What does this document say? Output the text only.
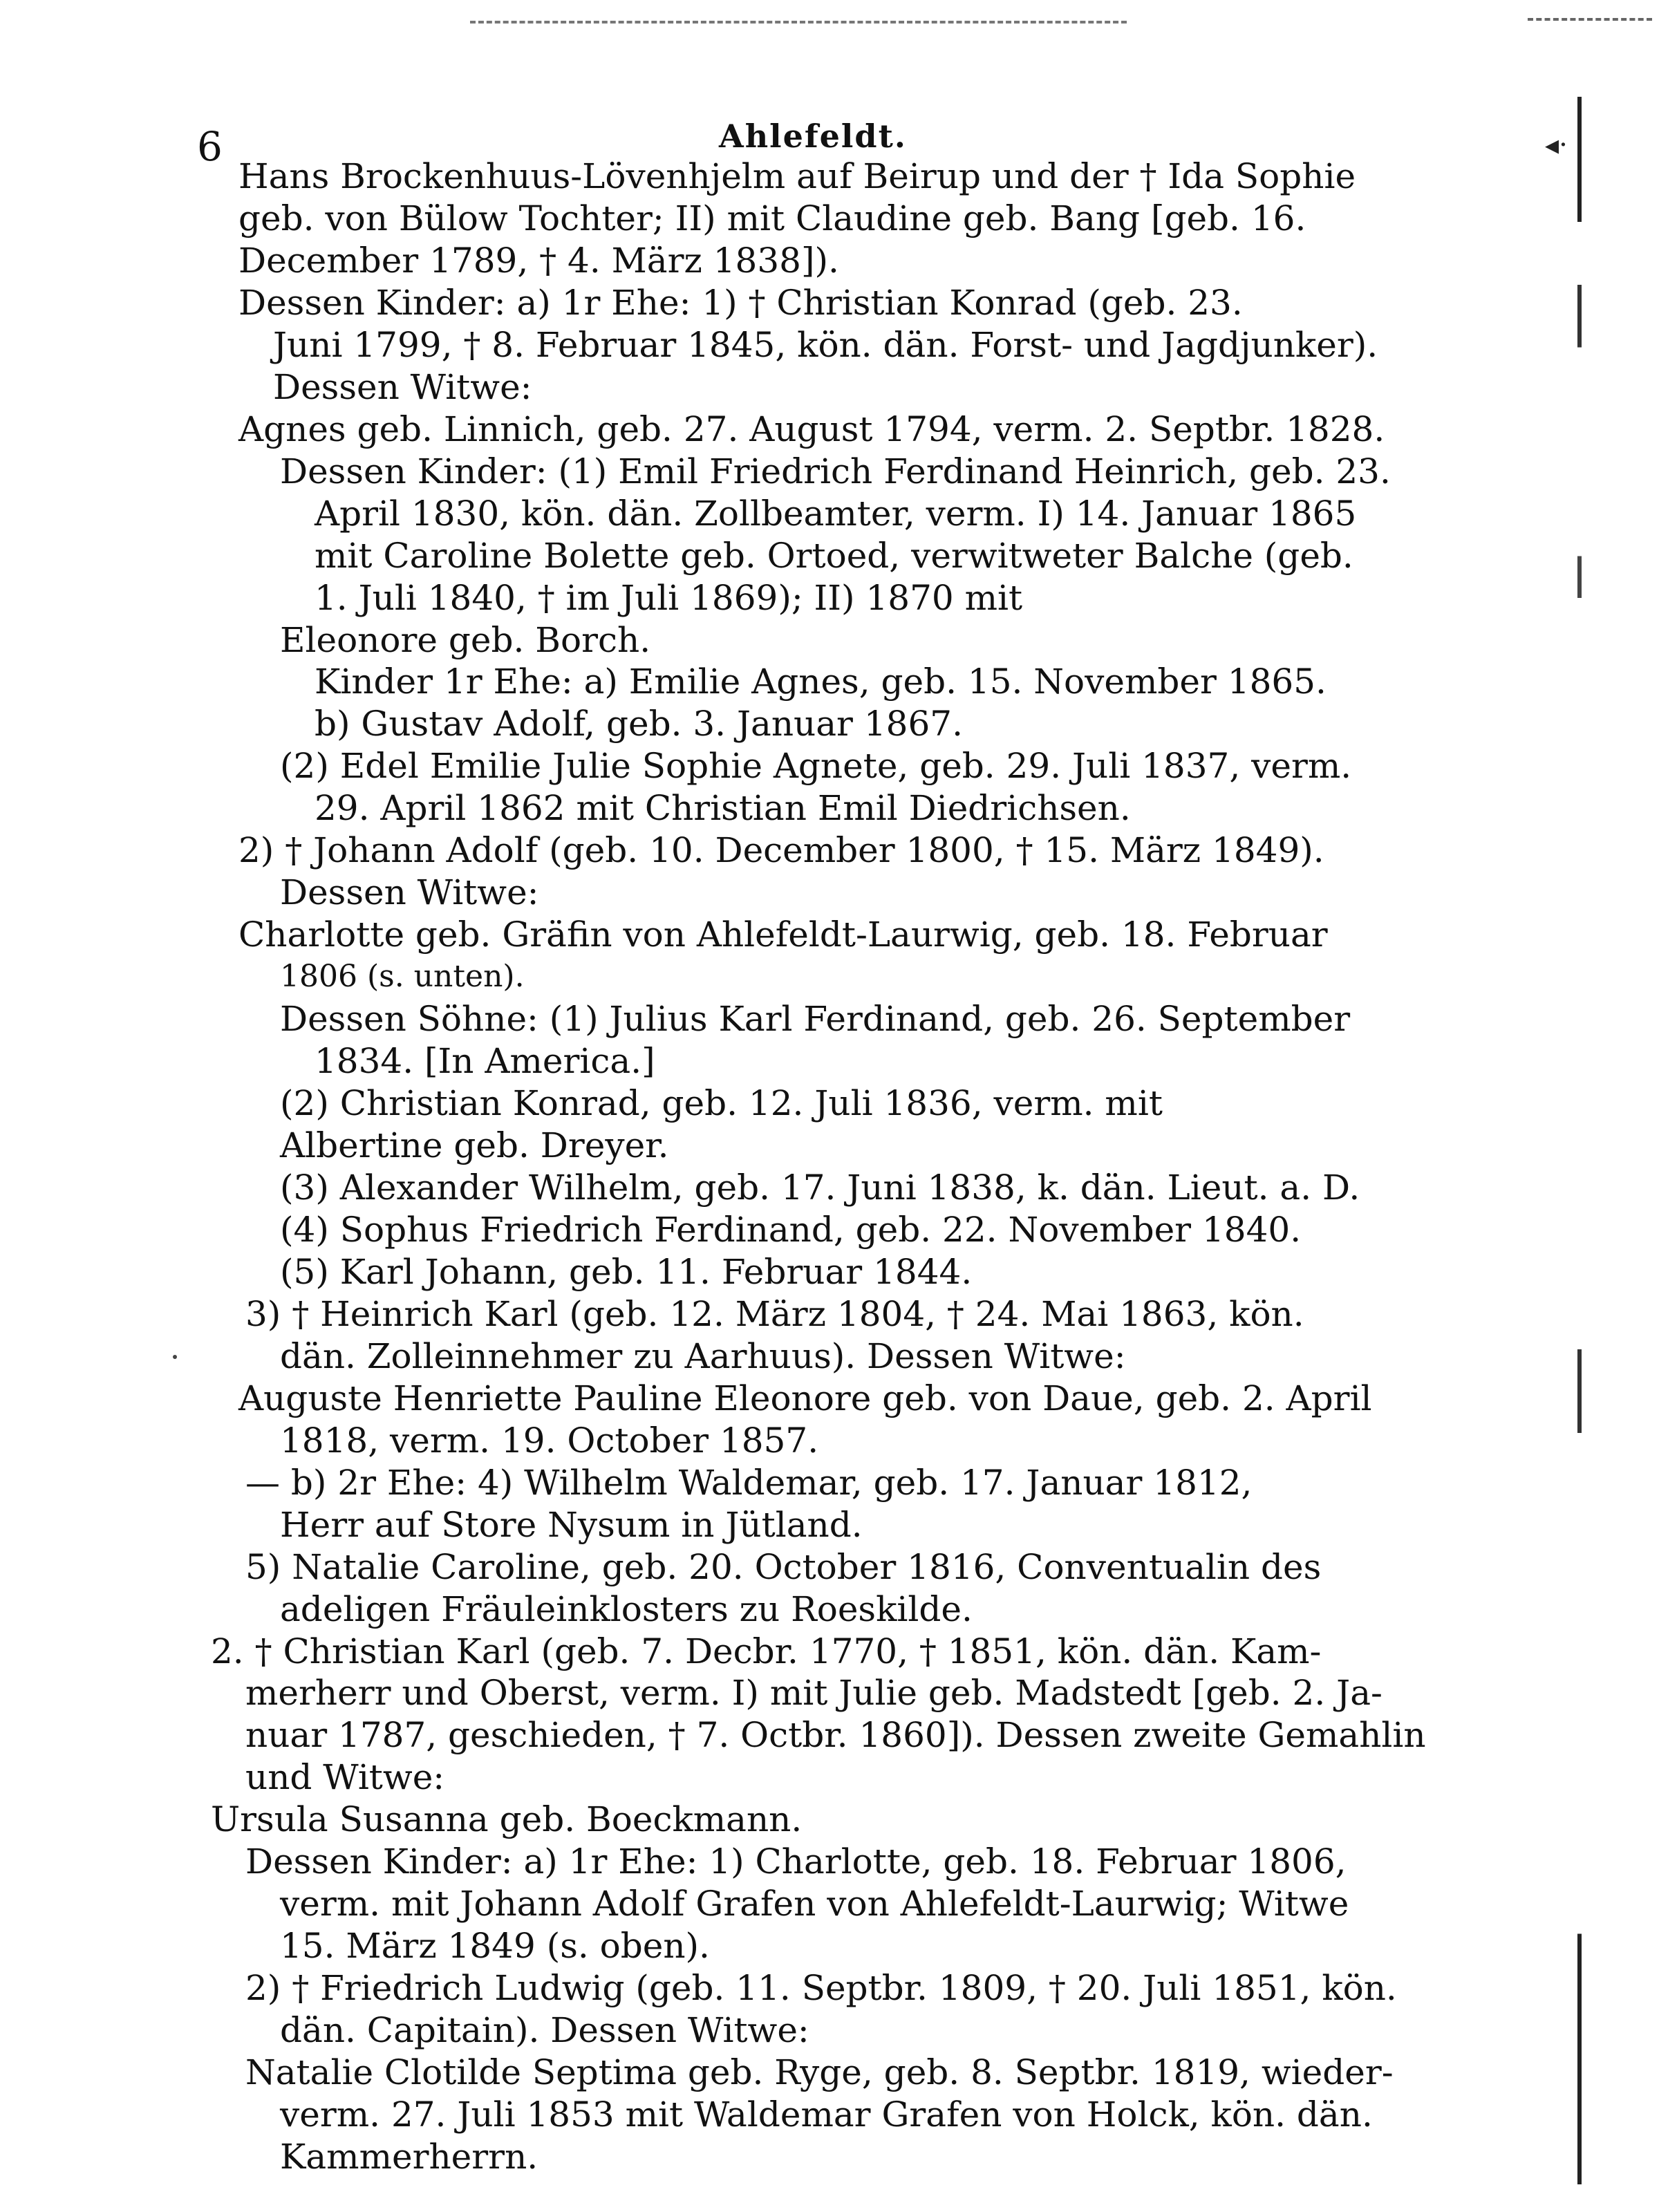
◂·
6	Ahlefeldt.
Hans Brockenhuus-Lövenhjelm auf Beirup und der † Ida Sophie
geb. von Bülow Tochter; II) mit Claudine geb. Bang [geb. 16.
December 1789, † 4. März 1838]).
Dessen Kinder: a) 1r Ehe: 1) † Christian Konrad (geb. 23.
Juni 1799, † 8. Februar 1845, kön. dän. Forst- und Jagdjunker).
Dessen Witwe:
Agnes geb. Linnich, geb. 27. August 1794, verm. 2. Septbr. 1828.
Dessen Kinder: (1) Emil Friedrich Ferdinand Heinrich, geb. 23.
April 1830, kön. dän. Zollbeamter, verm. I) 14. Januar 1865
mit Caroline Bolette geb. Ortoed, verwitweter Balche (geb.
1. Juli 1840, † im Juli 1869); II) 1870 mit
Eleonore geb. Borch.
Kinder 1r Ehe: a) Emilie Agnes, geb. 15. November 1865.
b) Gustav Adolf, geb. 3. Januar 1867.
(2) Edel Emilie Julie Sophie Agnete, geb. 29. Juli 1837, verm.
29. April 1862 mit Christian Emil Diedrichsen.
2) † Johann Adolf (geb. 10. December 1800, † 15. März 1849).
Dessen Witwe:
Charlotte geb. Gräfin von Ahlefeldt-Laurwig, geb. 18. Februar
1806 (s. unten).
Dessen Söhne: (1) Julius Karl Ferdinand, geb. 26. September
1834. [In America.]
(2) Christian Konrad, geb. 12. Juli 1836, verm. mit
Albertine geb. Dreyer.
(3) Alexander Wilhelm, geb. 17. Juni 1838, k. dän. Lieut. a. D.
(4) Sophus Friedrich Ferdinand, geb. 22. November 1840.
(5) Karl Johann, geb. 11. Februar 1844.
3) † Heinrich Karl (geb. 12. März 1804, † 24. Mai 1863, kön.
dän. Zolleinnehmer zu Aarhuus). Dessen Witwe:
Auguste Henriette Pauline Eleonore geb. von Daue, geb. 2. April
1818, verm. 19. October 1857.
— b) 2r Ehe: 4) Wilhelm Waldemar, geb. 17. Januar 1812,
Herr auf Store Nysum in Jütland.
5) Natalie Caroline, geb. 20. October 1816, Conventualin des
adeligen Fräuleinklosters zu Roeskilde.
2. † Christian Karl (geb. 7. Decbr. 1770, † 1851, kön. dän. Kam-
merherr und Oberst, verm. I) mit Julie geb. Madstedt [geb. 2. Ja-
nuar 1787, geschieden, † 7. Octbr. 1860]). Dessen zweite Gemahlin
und Witwe:
Ursula Susanna geb. Boeckmann.
Dessen Kinder: a) 1r Ehe: 1) Charlotte, geb. 18. Februar 1806,
verm. mit Johann Adolf Grafen von Ahlefeldt-Laurwig; Witwe
15. März 1849 (s. oben).
2) † Friedrich Ludwig (geb. 11. Septbr. 1809, † 20. Juli 1851, kön.
dän. Capitain). Dessen Witwe:
Natalie Clotilde Septima geb. Ryge, geb. 8. Septbr. 1819, wieder-
verm. 27. Juli 1853 mit Waldemar Grafen von Holck, kön. dän.
Kammerherrn.
